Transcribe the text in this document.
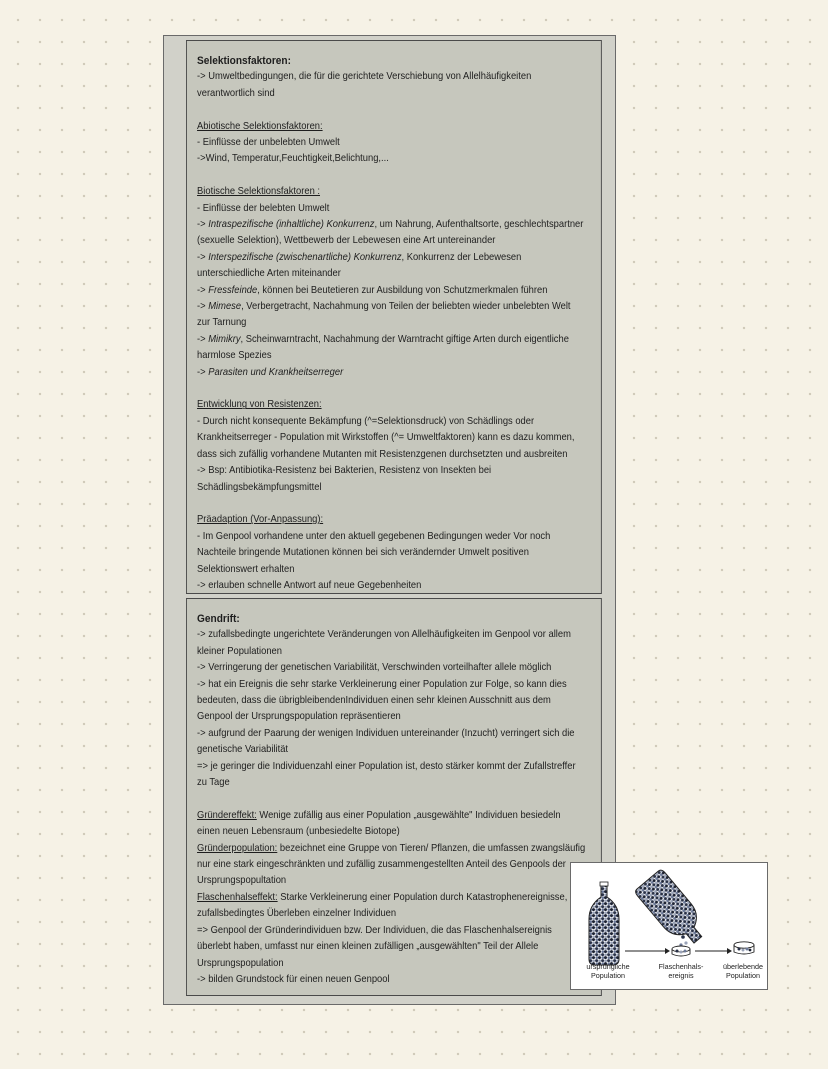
Selektionsfaktoren:
-> Umweltbedingungen, die für die gerichtete Verschiebung von Allelhäufigkeiten
verantwortlich sind
Abiotische Selektionsfaktoren:
- Einflüsse der unbelebten Umwelt
->Wind, Temperatur,Feuchtigkeit,Belichtung,...
Biotische Selektionsfaktoren :
- Einflüsse der belebten Umwelt
-> Intraspezifische (inhaltliche) Konkurrenz, um Nahrung, Aufenthaltsorte, geschlechtspartner
(sexuelle Selektion), Wettbewerb der Lebewesen eine Art untereinander
-> Interspezifische (zwischenartliche) Konkurrenz, Konkurrenz der Lebewesen
unterschiedliche Arten miteinander
-> Fressfeinde, können bei Beutetieren zur Ausbildung von Schutzmerkmalen führen
-> Mimese, Verbergetracht, Nachahmung von Teilen der beliebten wieder unbelebten Welt
zur Tarnung
-> Mimikry, Scheinwarntracht, Nachahmung der Warntracht giftige Arten durch eigentliche
harmlose Spezies
-> Parasiten und Krankheitserreger
Entwicklung von Resistenzen:
- Durch nicht konsequente Bekämpfung (^=Selektionsdruck) von Schädlings oder
Krankheitserreger - Population mit Wirkstoffen (^= Umweltfaktoren) kann es dazu kommen,
dass sich zufällig vorhandene Mutanten mit Resistenzgenen durchsetzten und ausbreiten
-> Bsp: Antibiotika-Resistenz bei Bakterien, Resistenz von Insekten bei
Schädlingsbekämpfungsmittel
Präadaption (Vor-Anpassung):
- Im Genpool vorhandene unter den aktuell gegebenen Bedingungen weder Vor noch
Nachteile bringende Mutationen können bei sich verändernder Umwelt positiven
Selektionswert erhalten
-> erlauben schnelle Antwort auf neue Gegebenheiten
Gendrift:
-> zufallsbedingte ungerichtete Veränderungen von Allelhäufigkeiten im Genpool vor allem
kleiner Populationen
-> Verringerung der genetischen Variabilität, Verschwinden vorteilhafter allele möglich
-> hat ein Ereignis die sehr starke Verkleinerung einer Population zur Folge, so kann dies
bedeuten, dass die übrigbleibendenIndividuen einen sehr kleinen Ausschnitt aus dem
Genpool der Ursprungspopulation repräsentieren
-> aufgrund der Paarung der wenigen Individuen untereinander (Inzucht) verringert sich die
genetische Variabilität
=> je geringer die Individuenzahl einer Population ist, desto stärker kommt der Zufallstreffer
zu Tage
Gründereffekt: Wenige zufällig aus einer Population „ausgewählte" Individuen besiedeln
einen neuen Lebensraum (unbesiedelte Biotope)
Gründerpopulation: bezeichnet eine Gruppe von Tieren/ Pflanzen, die umfassen zwangsläufig
nur eine stark eingeschränkten und zufällig zusammengestellten Anteil des Genpools der
Ursprungspopultation
Flaschenhalseffekt: Starke Verkleinerung einer Population durch Katastrophenereignisse,
zufallsbedingtes Überleben einzelner Individuen
=> Genpool der Gründerindividuen bzw. Der Individuen, die das Flaschenhalsereignis
überlebt haben, umfasst nur einen kleinen zufälligen „ausgewählten" Teil der Allele
Ursprungspopulation
-> bilden Grundstock für einen neuen Genpool
ursprüngliche
Population
Flaschenhals-
ereignis
überlebende
Population
